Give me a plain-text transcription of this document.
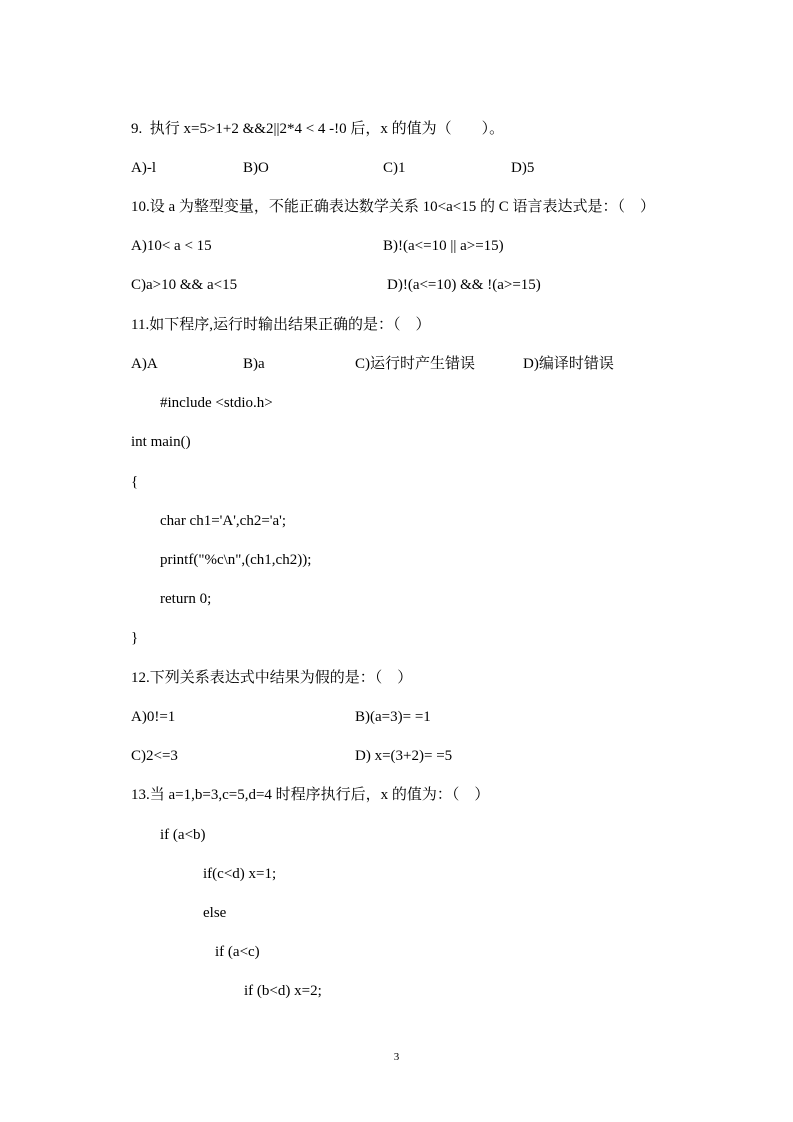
9.  执行 x=5>1+2 &&2||2*4 < 4 -!0 后，x 的值为（        ）。
A)-l	B)O	C)1	D)5
10.设 a 为整型变量，不能正确表达数学关系 10<a<15 的 C 语言表达式是：（    ）
A)10< a < 15	B)!(a<=10 || a>=15)
C)a>10 && a<15	D)!(a<=10) && !(a>=15)
11.如下程序,运行时输出结果正确的是：（    ）
A)A	B)a	C)运行时产生错误	D)编译时错误
#include <stdio.h>
int main()
{
char ch1='A',ch2='a';
printf("%c\n",(ch1,ch2));
return 0;
}
12.下列关系表达式中结果为假的是：（    ）
A)0!=1	B)(a=3)= =1
C)2<=3	D) x=(3+2)= =5
13.当 a=1,b=3,c=5,d=4 时程序执行后，x 的值为：（    ）
if (a<b)
if(c<d) x=1;
else
if (a<c)
if (b<d) x=2;
3
